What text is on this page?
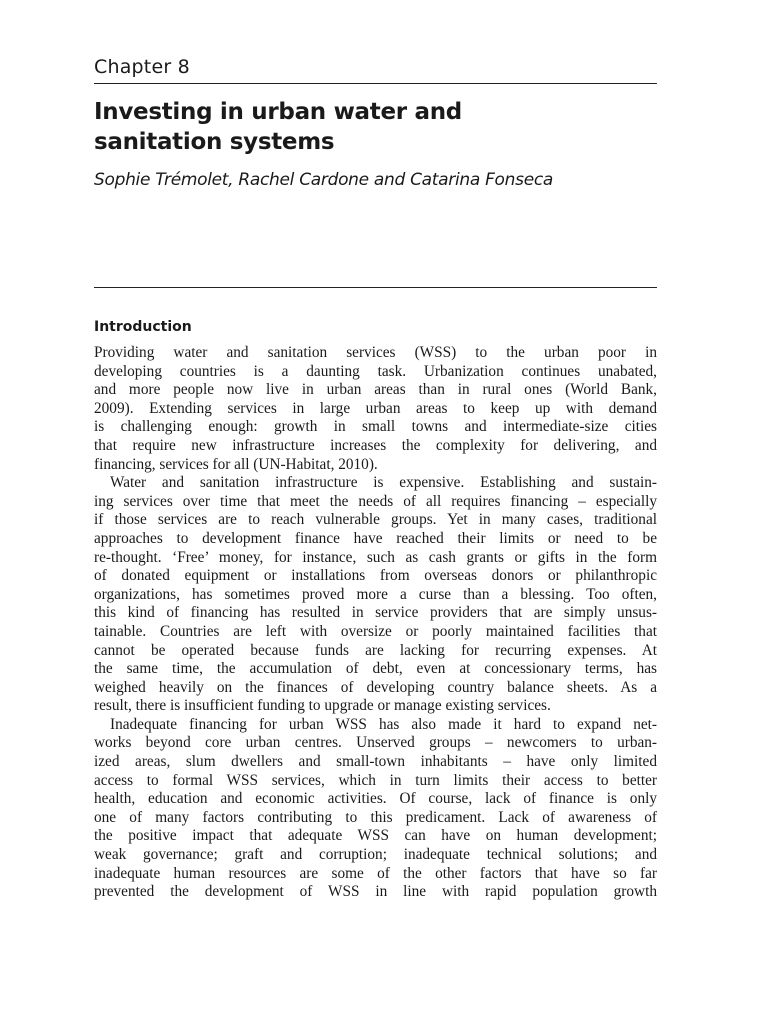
Chapter 8
Investing in urban water and
sanitation systems
Sophie Trémolet, Rachel Cardone and Catarina Fonseca
Introduction
Providing water and sanitation services (WSS) to the urban poor in
developing countries is a daunting task. Urbanization continues unabated,
and more people now live in urban areas than in rural ones (World Bank,
2009). Extending services in large urban areas to keep up with demand
is challenging enough: growth in small towns and intermediate-size cities
that require new infrastructure increases the complexity for delivering, and
financing, services for all (UN-Habitat, 2010).
Water and sanitation infrastructure is expensive. Establishing and sustain-
ing services over time that meet the needs of all requires financing – especially
if those services are to reach vulnerable groups. Yet in many cases, traditional
approaches to development finance have reached their limits or need to be
re-thought. ‘Free’ money, for instance, such as cash grants or gifts in the form
of donated equipment or installations from overseas donors or philanthropic
organizations, has sometimes proved more a curse than a blessing. Too often,
this kind of financing has resulted in service providers that are simply unsus-
tainable. Countries are left with oversize or poorly maintained facilities that
cannot be operated because funds are lacking for recurring expenses. At
the same time, the accumulation of debt, even at concessionary terms, has
weighed heavily on the finances of developing country balance sheets. As a
result, there is insufficient funding to upgrade or manage existing services.
Inadequate financing for urban WSS has also made it hard to expand net-
works beyond core urban centres. Unserved groups – newcomers to urban-
ized areas, slum dwellers and small-town inhabitants – have only limited
access to formal WSS services, which in turn limits their access to better
health, education and economic activities. Of course, lack of finance is only
one of many factors contributing to this predicament. Lack of awareness of
the positive impact that adequate WSS can have on human development;
weak governance; graft and corruption; inadequate technical solutions; and
inadequate human resources are some of the other factors that have so far
prevented the development of WSS in line with rapid population growth
